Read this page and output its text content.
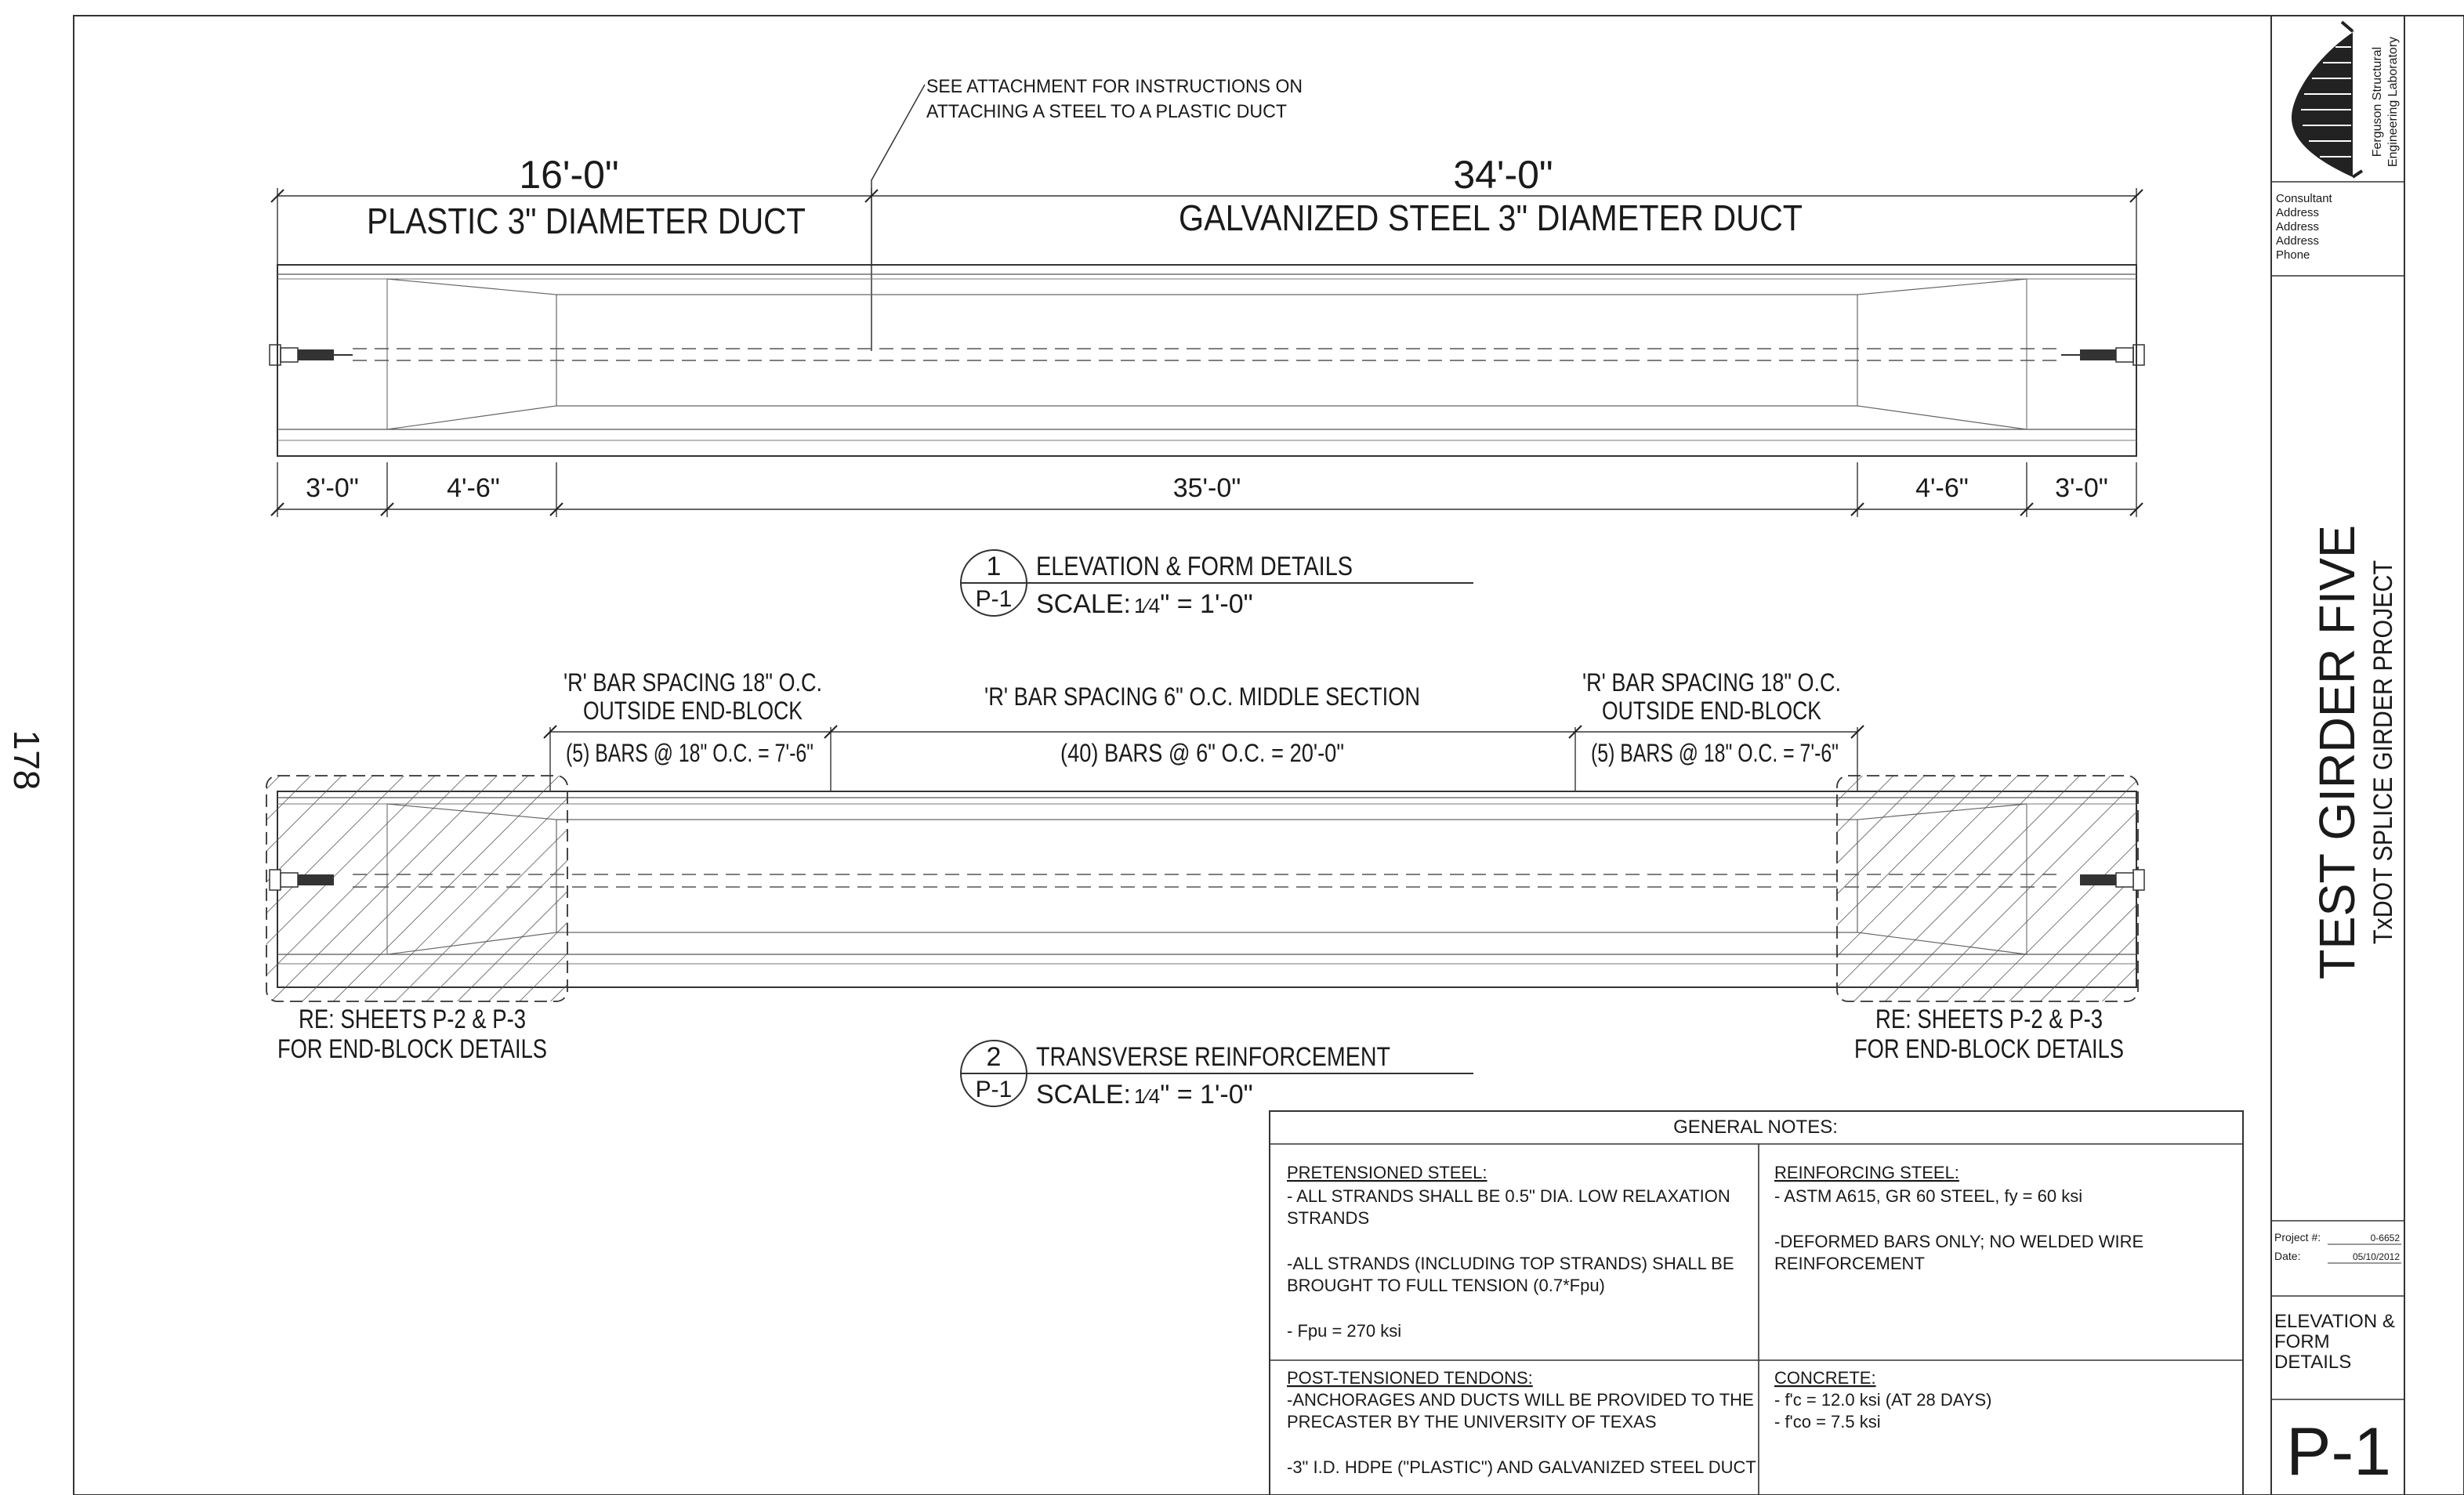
178
SEE ATTACHMENT FOR INSTRUCTIONS ON
ATTACHING A STEEL TO A PLASTIC DUCT
16'-0"
PLASTIC 3" DIAMETER DUCT
34'-0"
GALVANIZED STEEL 3" DIAMETER DUCT
3'-0"	4'-6"	35'-0"	4'-6"	3'-0"
1
P-1
ELEVATION & FORM DETAILS
SCALE: 1⁄4" = 1'-0"
'R' BAR SPACING 18" O.C.
OUTSIDE END-BLOCK	'R' BAR SPACING 6" O.C. MIDDLE SECTION	'R' BAR SPACING 18" O.C.
OUTSIDE END-BLOCK
(5) BARS @ 18" O.C. = 7'-6"	(40) BARS @ 6" O.C. = 20'-0"	(5) BARS @ 18" O.C. = 7'-6"
RE: SHEETS P-2 & P-3
FOR END-BLOCK DETAILS
RE: SHEETS P-2 & P-3
FOR END-BLOCK DETAILS
2
P-1
TRANSVERSE REINFORCEMENT
SCALE: 1⁄4" = 1'-0"
GENERAL NOTES:
PRETENSIONED STEEL:
- ALL STRANDS SHALL BE 0.5" DIA. LOW RELAXATION
STRANDS
-ALL STRANDS (INCLUDING TOP STRANDS) SHALL BE
BROUGHT TO FULL TENSION (0.7*Fpu)
- Fpu = 270 ksi
REINFORCING STEEL:
- ASTM A615, GR 60 STEEL, fy = 60 ksi
-DEFORMED BARS ONLY; NO WELDED WIRE
REINFORCEMENT
POST-TENSIONED TENDONS:
-ANCHORAGES AND DUCTS WILL BE PROVIDED TO THE
PRECASTER BY THE UNIVERSITY OF TEXAS
-3" I.D. HDPE ("PLASTIC") AND GALVANIZED STEEL DUCT
CONCRETE:
- f'c = 12.0 ksi (AT 28 DAYS)
- f'co = 7.5 ksi
Ferguson Structural Engineering Laboratory
Consultant
Address
Address
Address
Phone
TEST GIRDER FIVE TxDOT SPLICE GIRDER PROJECT
Project #:	0-6652
Date:	05/10/2012
ELEVATION &
FORM
DETAILS
P-1
